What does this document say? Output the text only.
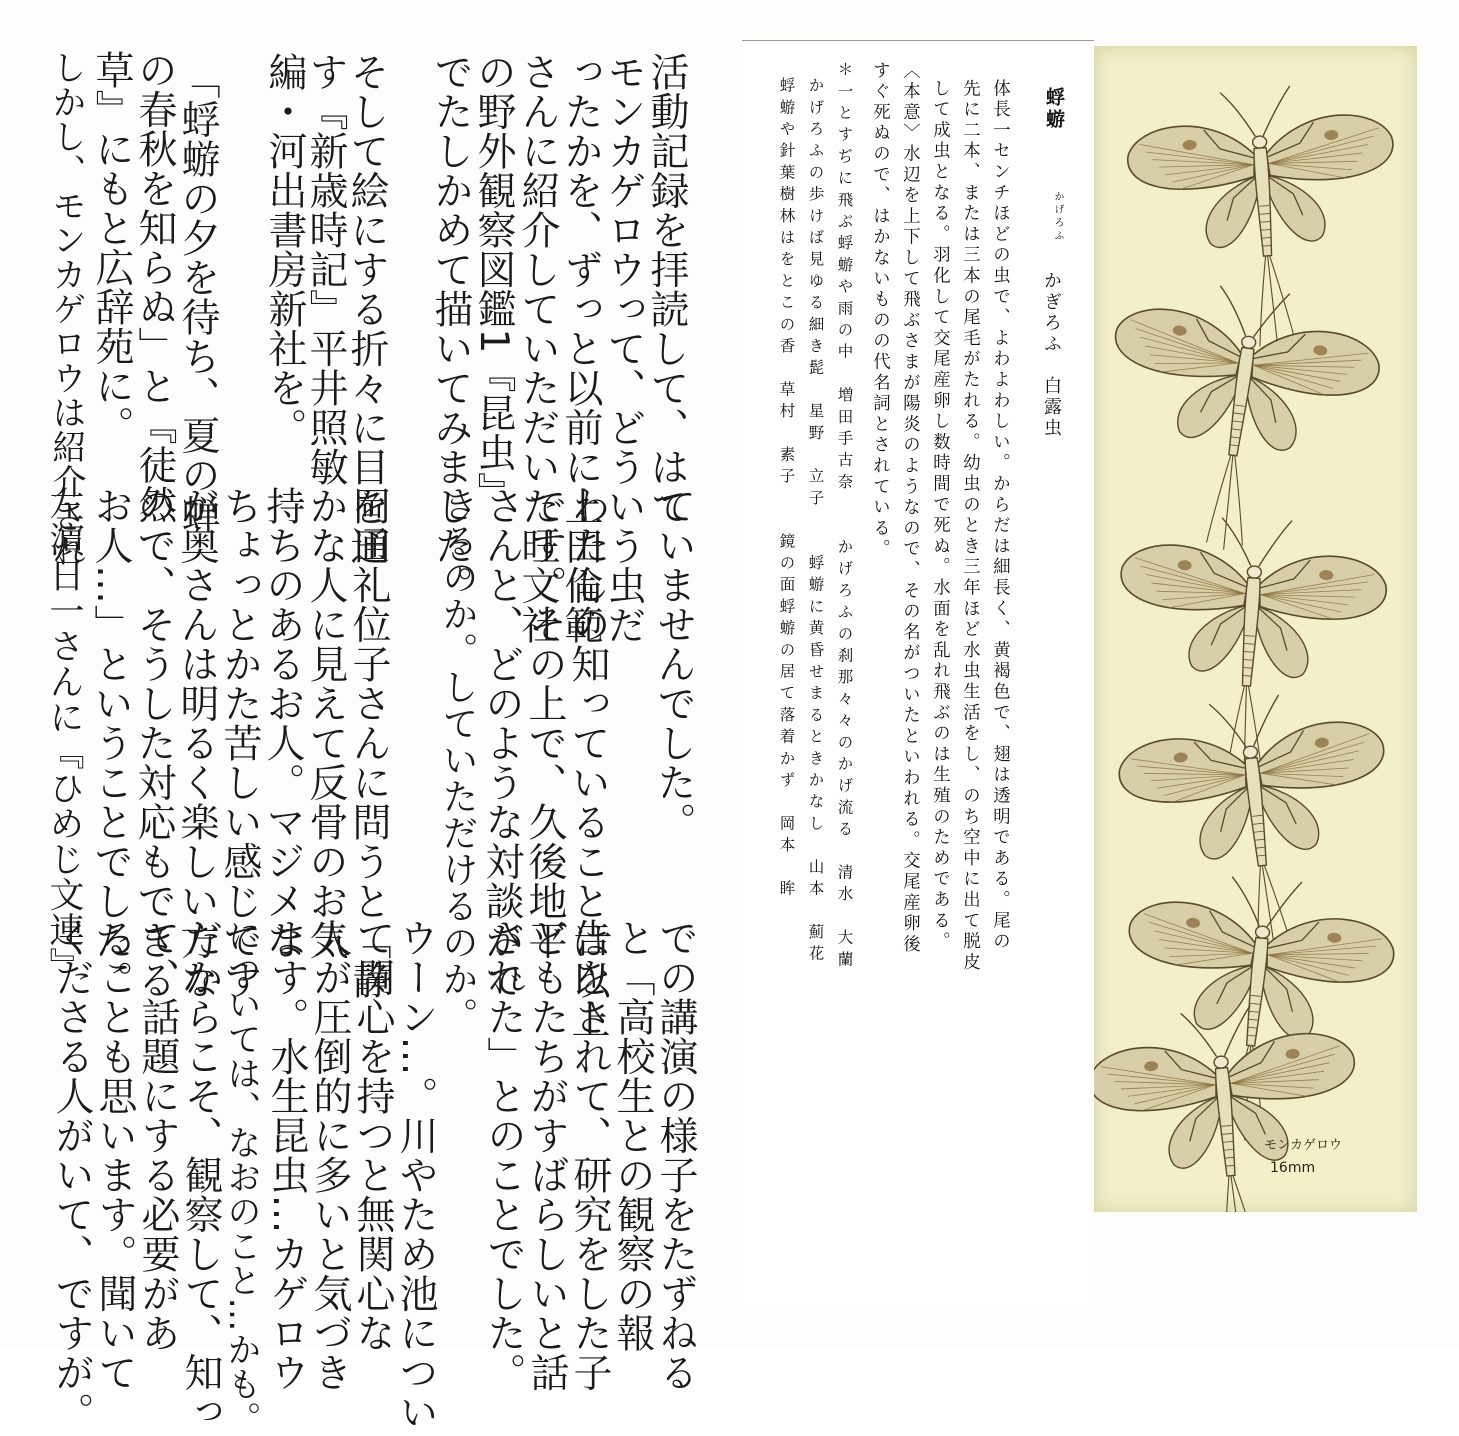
活動記録を拝読して、はて
モンカゲロウって、どういう虫だ
ったかを、ずっと以前に上田倫範
さんに紹介していただいた旺文社
の野外観察図鑑1『昆虫』
でたしかめて描いてみました。
そして絵にする折々に目を通
す『新歳時記』平井照敏
編・河出書房新社を。
「蜉蝣の夕を待ち、夏の蝉
の春秋を知らぬ」と『徒然
草』にもと広辞苑に。
しかし、モンカゲロウは紹介され
ていませんでした。
わたしの知っていることは以上
です。その上で、久後地平
さんと、どのような対談がで
きるのか。していただけるのか。
岡田礼位子さんに問うと「静
かな人に見えて反骨のお気
持ちのあるお人。マジメな
ちょっとかた苦しい感じです
が奥さんは明るく楽しい方な
ので、そうした対応もできる
お人…」ということでした。
左濵日一さんに『ひめじ文連』
での講演の様子をたずねる
と「高校生との観察の報
告をされて、研究をした子
どもたちがすばらしいと話
された」とのことでした。
ウーン…。川やため池につい
て関心を持つと無関心な
人が圧倒的に多いと気づき
ます。水生昆虫…カゲロウ
については、なおのこと…かも。
だからこそ、観察して、知っ
て、話題にする必要があ
ることも思います。聞いて
くださる人がいて、ですが。
蜉蝣
かげろふ
かぎろふ　白露虫
体長一センチほどの虫で、よわよわしい。からだは細長く、黄褐色で、翅は透明である。尾の
先に二本、または三本の尾毛がたれる。幼虫のとき三年ほど水虫生活をし、のち空中に出て脱皮
して成虫となる。羽化して交尾産卵し数時間で死ぬ。水面を乱れ飛ぶのは生殖のためである。
〈本意〉水辺を上下して飛ぶさまが陽炎のようなので、その名がついたといわれる。交尾産卵後
すぐ死ぬので、はかないものの代名詞とされている。
＊一とすぢに飛ぶ蜉蝣や雨の中　増田手古奈　　かげろふの刹那々々のかげ流る　清水　大蘭
かげろふの歩けば見ゆる細き髭　星野　立子　　蜉蝣に黄昏せまるときかなし　山本　薊花
蜉蝣や針葉樹林はをとこの香　草村　素子　　鏡の面蜉蝣の居て落着かず　岡本　眸
モンカゲロウ
16mm
